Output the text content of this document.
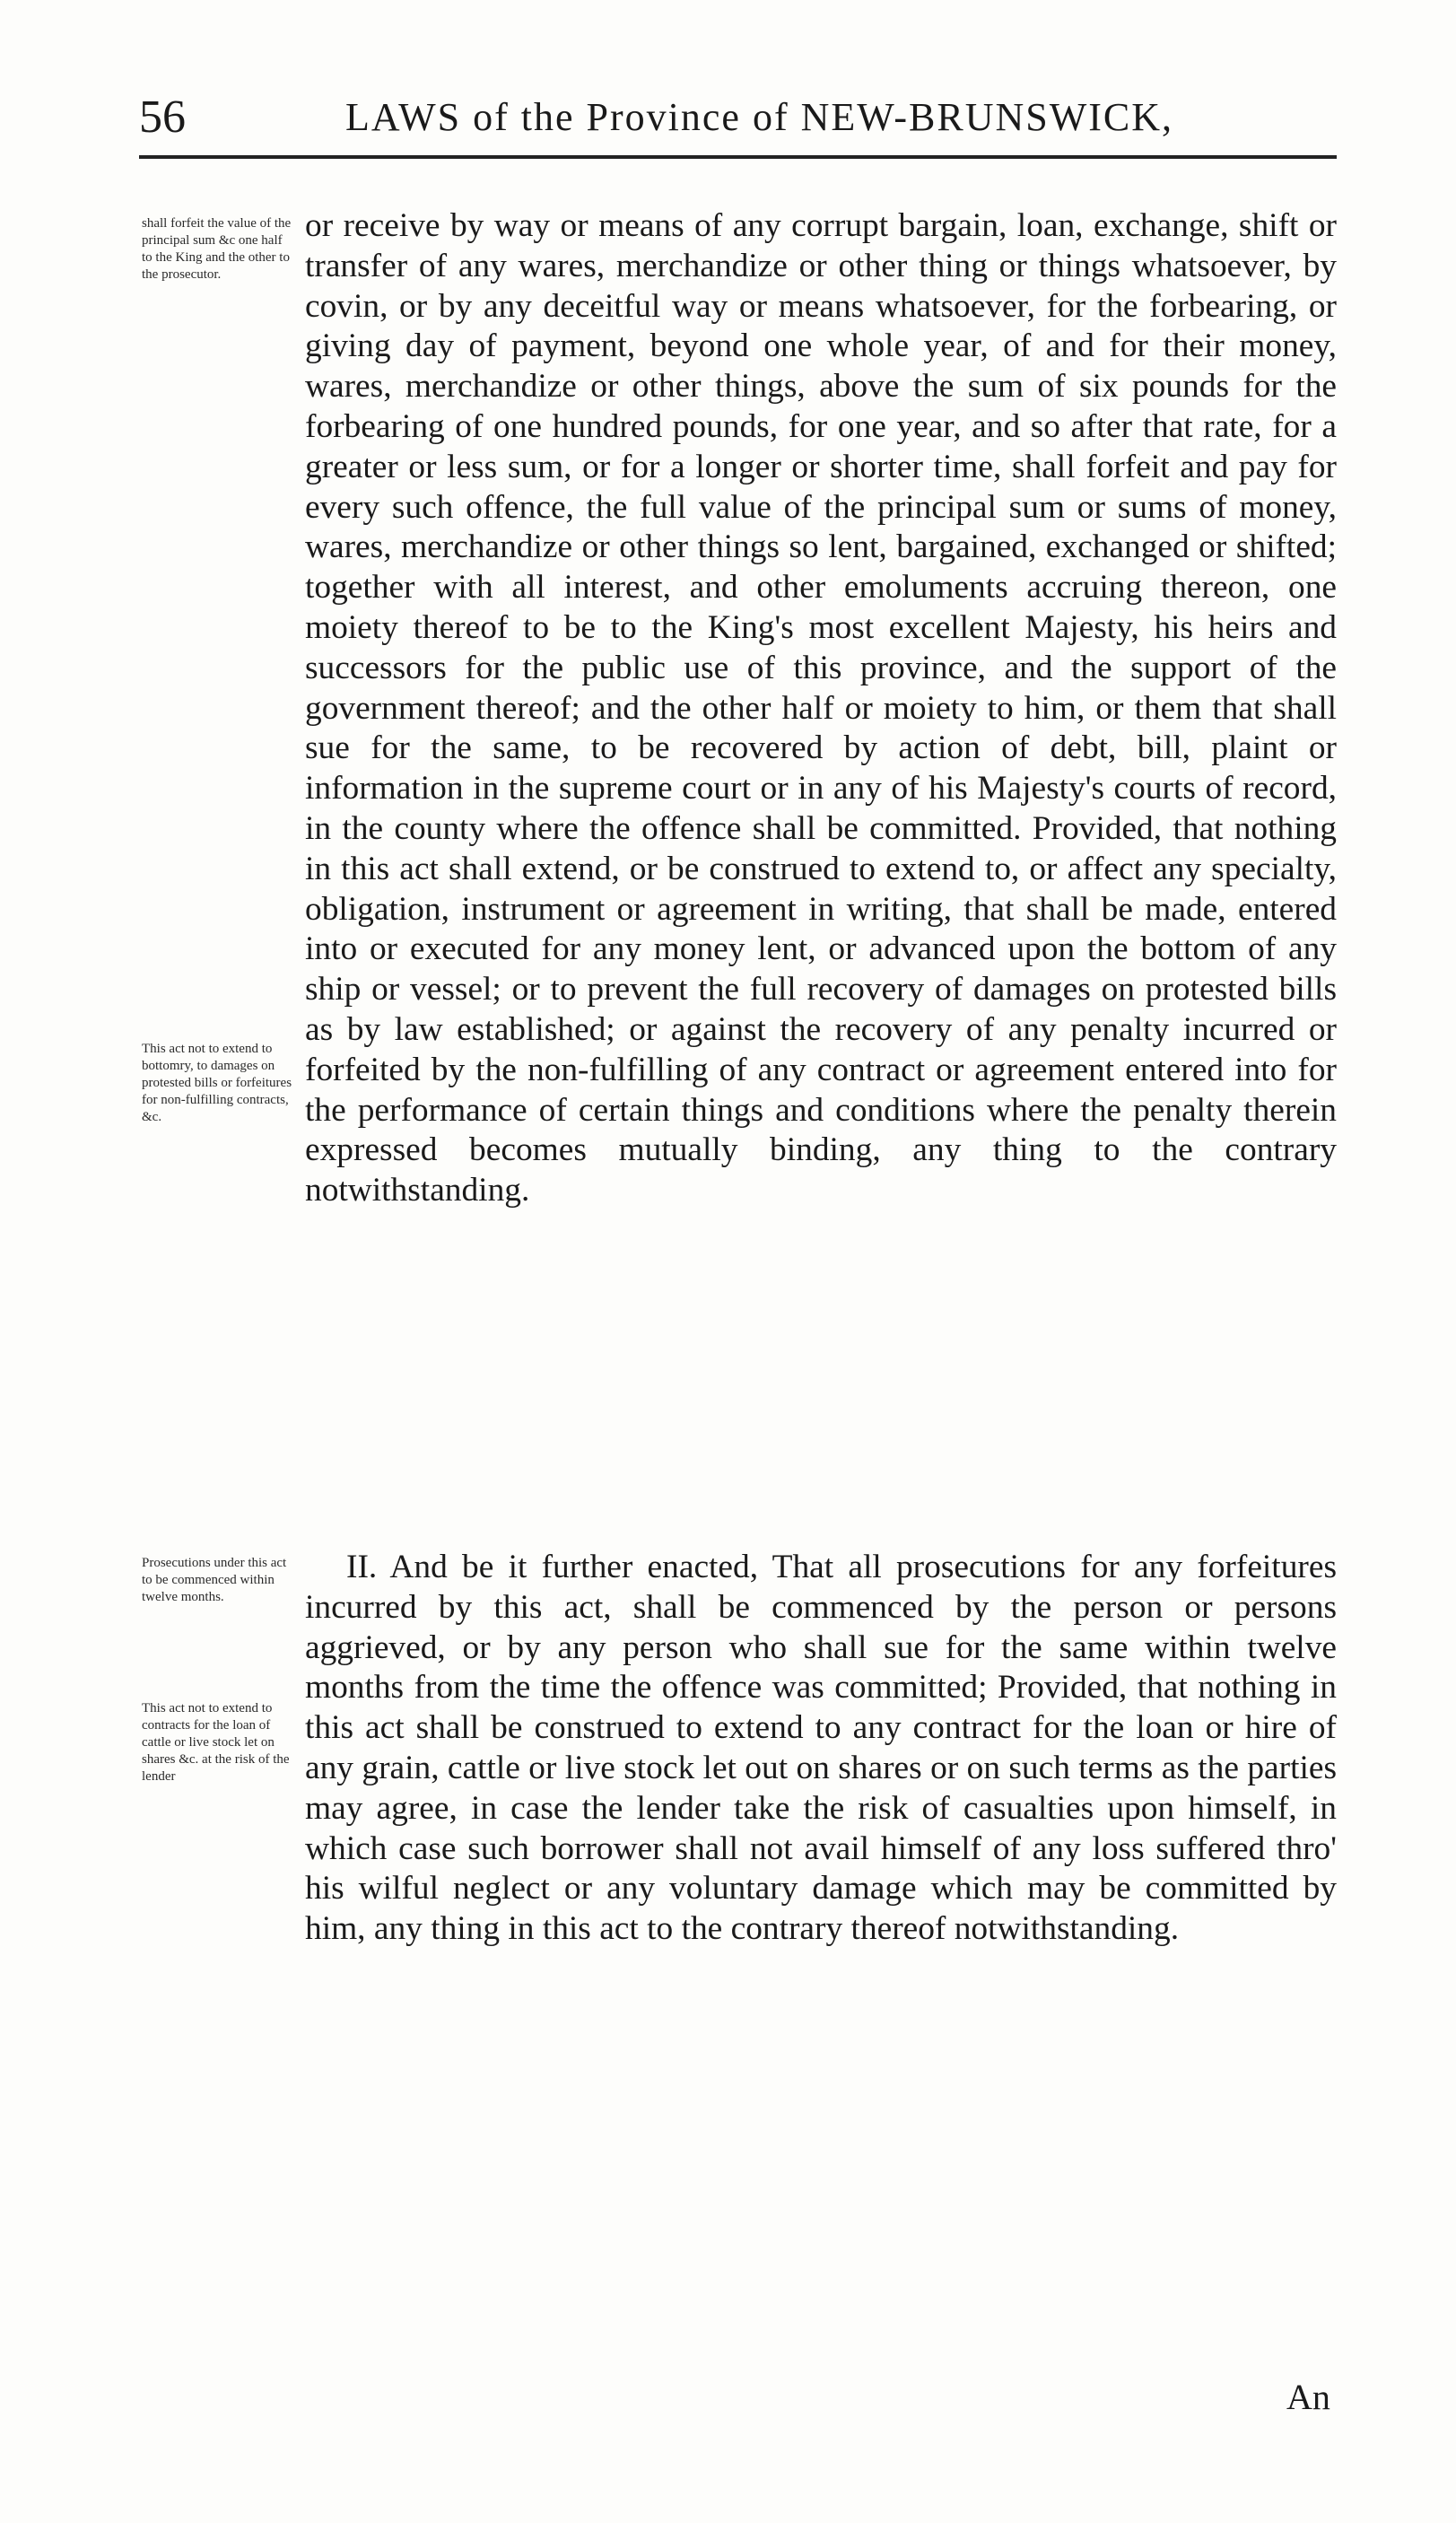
56	LAWS of the Province of NEW-BRUNSWICK,

shall forfeit the value of the principal sum &c one half to the King and the other to the prosecutor.

This act not to extend to bottomry, to damages on protested bills or forfeitures for non-fulfilling contracts, &c.

Prosecutions under this act to be commenced within twelve months.

This act not to extend to contracts for the loan of cattle or live stock let on shares &c. at the risk of the lender

or receive by way or means of any corrupt bargain, loan, exchange, shift or transfer of any wares, merchandize or other thing or things whatsoever, by covin, or by any deceitful way or means whatsoever, for the forbearing, or giving day of payment, beyond one whole year, of and for their money, wares, merchandize or other things, above the sum of six pounds for the forbearing of one hundred pounds, for one year, and so after that rate, for a greater or less sum, or for a longer or shorter time, shall forfeit and pay for every such offence, the full value of the principal sum or sums of money, wares, merchandize or other things so lent, bargained, exchanged or shifted; together with all interest, and other emoluments accruing thereon, one moiety thereof to be to the King's most excellent Majesty, his heirs and successors for the public use of this province, and the support of the government thereof; and the other half or moiety to him, or them that shall sue for the same, to be recovered by action of debt, bill, plaint or information in the supreme court or in any of his Majesty's courts of record, in the county where the offence shall be committed. Provided, that nothing in this act shall extend, or be construed to extend to, or affect any specialty, obligation, instrument or agreement in writing, that shall be made, entered into or executed for any money lent, or advanced upon the bottom of any ship or vessel; or to prevent the full recovery of damages on protested bills as by law established; or against the recovery of any penalty incurred or forfeited by the non-fulfilling of any contract or agreement entered into for the performance of certain things and conditions where the penalty therein expressed becomes mutually binding, any thing to the contrary notwithstanding.

II. And be it further enacted, That all prosecutions for any forfeitures incurred by this act, shall be commenced by the person or persons aggrieved, or by any person who shall sue for the same within twelve months from the time the offence was committed; Provided, that nothing in this act shall be construed to extend to any contract for the loan or hire of any grain, cattle or live stock let out on shares or on such terms as the parties may agree, in case the lender take the risk of casualties upon himself, in which case such borrower shall not avail himself of any loss suffered thro' his wilful neglect or any voluntary damage which may be committed by him, any thing in this act to the contrary thereof notwithstanding.

An
